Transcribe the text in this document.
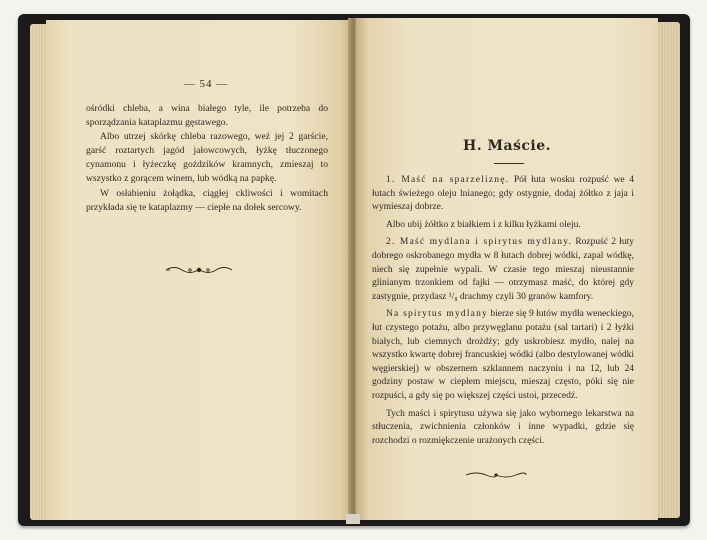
— 54 —

ośródki chleba, a wina białego tyle, ile potrzeba do sporządzania kataplazmu gęstawego.

Albo utrzej skórkę chleba razowego, weź jej 2 garście, garść roztartych jagód jałowcowych, łyżkę tłuczonego cynamonu i łyżeczkę goździków kramnych, zmieszaj to wszystko z gorącem winem, lub wódką na papkę.

W osłabieniu żołądka, ciągłej ckliwości i womitach przykłada się te kataplazmy — ciepłe na dołek sercowy.

H. Maście.

1. Maść na sparzeliznę. Pół łuta wosku rozpuść we 4 łutach świeżego oleju lnianego; gdy ostygnie, dodaj żółtko z jaja i wymieszaj dobrze.

Albo ubij żółtko z białkiem i z kilku łyżkami oleju.

2. Maść mydlana i spirytus mydlany. Rozpuść 2 łuty dobrego oskrobanego mydła w 8 łutach dobrej wódki, zapal wódkę, niech się zupełnie wypali. W czasie tego mieszaj nieustannie glinianym trzonkiem od fajki — otrzymasz maść, do której gdy zastygnie, przydasz ¹/₈ drachmy czyli 30 granów kamfory.

Na spirytus mydlany bierze się 9 łutów mydła weneckiego, łut czystego potażu, albo przywęglanu potażu (sal tartari) i 2 łyżki białych, lub ciemnych drożdży; gdy uskrobiesz mydło, nalej na wszystko kwartę dobrej francuskiej wódki (albo destylowanej wódki węgierskiej) w obszernem szklannem naczyniu i na 12, lub 24 godziny postaw w ciepłem miejscu, mieszaj często, póki się nie rozpuści, a gdy się po większej części ustoi, przecedź.

Tych maści i spirytusu używa się jako wybornego lekarstwa na stłuczenia, zwichnienia członków i inne wypadki, gdzie się rozchodzi o rozmiękczenie urażonych części.
